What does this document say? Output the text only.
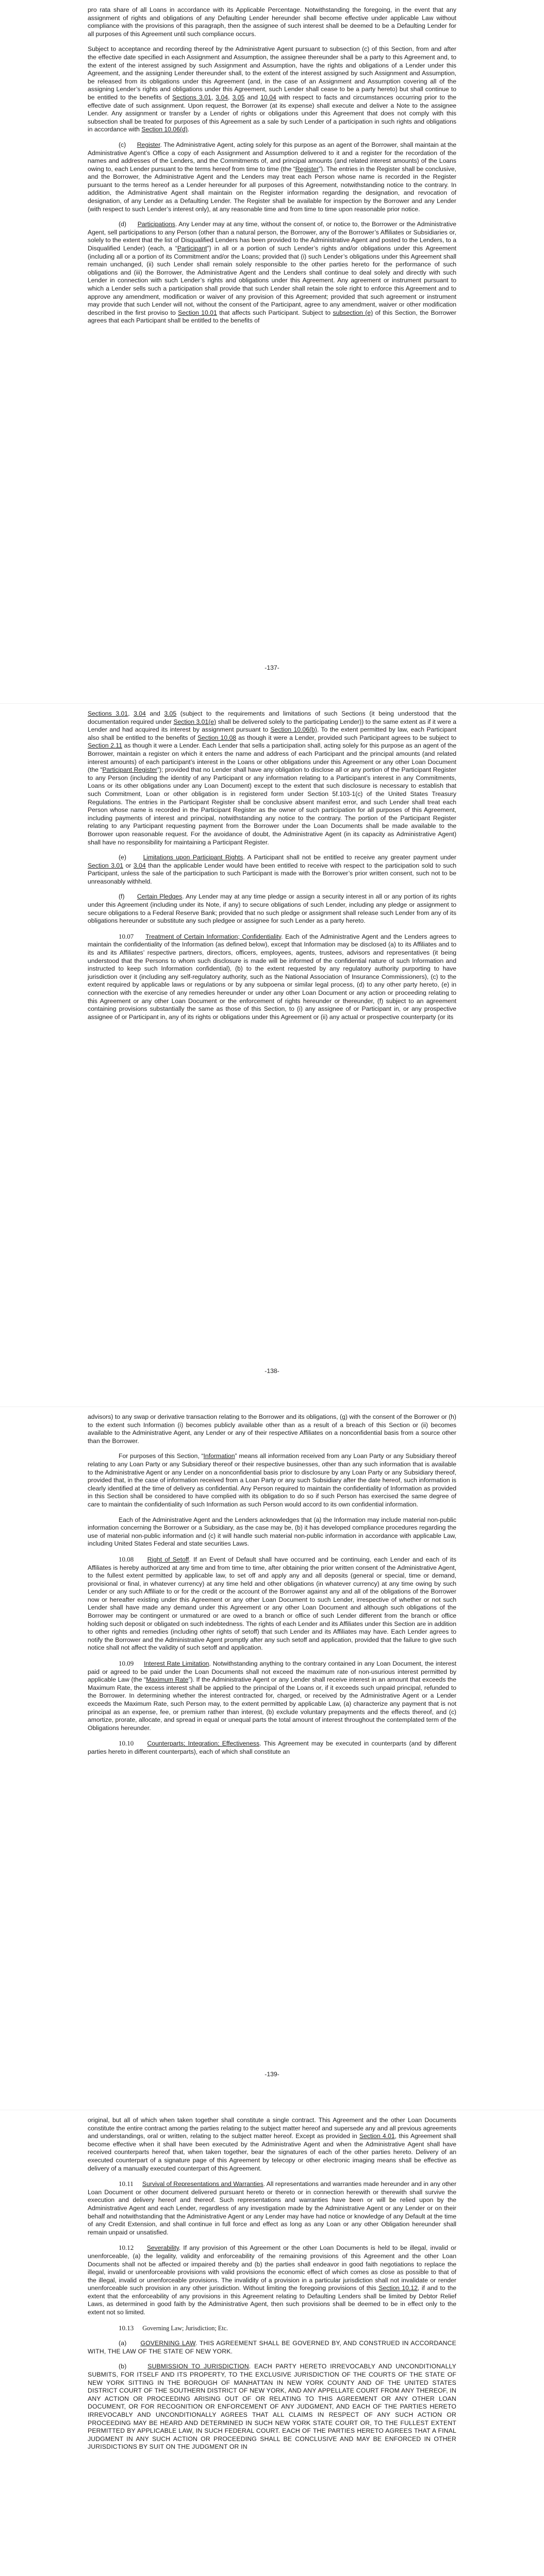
pro rata share of all Loans in accordance with its Applicable Percentage. Notwithstanding the foregoing, in the event that any assignment of rights and obligations of any Defaulting Lender hereunder shall become effective under applicable Law without compliance with the provisions of this paragraph, then the assignee of such interest shall be deemed to be a Defaulting Lender for all purposes of this Agreement until such compliance occurs.

Subject to acceptance and recording thereof by the Administrative Agent pursuant to subsection (c) of this Section, from and after the effective date specified in each Assignment and Assumption, the assignee thereunder shall be a party to this Agreement and, to the extent of the interest assigned by such Assignment and Assumption, have the rights and obligations of a Lender under this Agreement, and the assigning Lender thereunder shall, to the extent of the interest assigned by such Assignment and Assumption, be released from its obligations under this Agreement (and, in the case of an Assignment and Assumption covering all of the assigning Lender’s rights and obligations under this Agreement, such Lender shall cease to be a party hereto) but shall continue to be entitled to the benefits of Sections 3.01, 3.04, 3.05 and 10.04 with respect to facts and circumstances occurring prior to the effective date of such assignment. Upon request, the Borrower (at its expense) shall execute and deliver a Note to the assignee Lender. Any assignment or transfer by a Lender of rights or obligations under this Agreement that does not comply with this subsection shall be treated for purposes of this Agreement as a sale by such Lender of a participation in such rights and obligations in accordance with Section 10.06(d).

(c)      Register. The Administrative Agent, acting solely for this purpose as an agent of the Borrower, shall maintain at the Administrative Agent’s Office a copy of each Assignment and Assumption delivered to it and a register for the recordation of the names and addresses of the Lenders, and the Commitments of, and principal amounts (and related interest amounts) of the Loans owing to, each Lender pursuant to the terms hereof from time to time (the “Register”). The entries in the Register shall be conclusive, and the Borrower, the Administrative Agent and the Lenders may treat each Person whose name is recorded in the Register pursuant to the terms hereof as a Lender hereunder for all purposes of this Agreement, notwithstanding notice to the contrary. In addition, the Administrative Agent shall maintain on the Register information regarding the designation, and revocation of designation, of any Lender as a Defaulting Lender. The Register shall be available for inspection by the Borrower and any Lender (with respect to such Lender’s interest only), at any reasonable time and from time to time upon reasonable prior notice.

(d)      Participations. Any Lender may at any time, without the consent of, or notice to, the Borrower or the Administrative Agent, sell participations to any Person (other than a natural person, the Borrower, any of the Borrower’s Affiliates or Subsidiaries or, solely to the extent that the list of Disqualified Lenders has been provided to the Administrative Agent and posted to the Lenders, to a Disqualified Lender) (each, a “Participant”) in all or a portion of such Lender’s rights and/or obligations under this Agreement (including all or a portion of its Commitment and/or the Loans; provided that (i) such Lender’s obligations under this Agreement shall remain unchanged, (ii) such Lender shall remain solely responsible to the other parties hereto for the performance of such obligations and (iii) the Borrower, the Administrative Agent and the Lenders shall continue to deal solely and directly with such Lender in connection with such Lender’s rights and obligations under this Agreement. Any agreement or instrument pursuant to which a Lender sells such a participation shall provide that such Lender shall retain the sole right to enforce this Agreement and to approve any amendment, modification or waiver of any provision of this Agreement; provided that such agreement or instrument may provide that such Lender will not, without the consent of the Participant, agree to any amendment, waiver or other modification described in the first proviso to Section 10.01 that affects such Participant. Subject to subsection (e) of this Section, the Borrower agrees that each Participant shall be entitled to the benefits of

-137-

Sections 3.01, 3.04 and 3.05 (subject to the requirements and limitations of such Sections (it being understood that the documentation required under Section 3.01(e) shall be delivered solely to the participating Lender)) to the same extent as if it were a Lender and had acquired its interest by assignment pursuant to Section 10.06(b). To the extent permitted by law, each Participant also shall be entitled to the benefits of Section 10.08 as though it were a Lender, provided such Participant agrees to be subject to Section 2.11 as though it were a Lender. Each Lender that sells a participation shall, acting solely for this purpose as an agent of the Borrower, maintain a register on which it enters the name and address of each Participant and the principal amounts (and related interest amounts) of each participant’s interest in the Loans or other obligations under this Agreement or any other Loan Document (the “Participant Register”); provided that no Lender shall have any obligation to disclose all or any portion of the Participant Register to any Person (including the identity of any Participant or any information relating to a Participant’s interest in any Commitments, Loans or its other obligations under any Loan Document) except to the extent that such disclosure is necessary to establish that such Commitment, Loan or other obligation is in registered form under Section 5f.103-1(c) of the United States Treasury Regulations. The entries in the Participant Register shall be conclusive absent manifest error, and such Lender shall treat each Person whose name is recorded in the Participant Register as the owner of such participation for all purposes of this Agreement, including payments of interest and principal, notwithstanding any notice to the contrary. The portion of the Participant Register relating to any Participant requesting payment from the Borrower under the Loan Documents shall be made available to the Borrower upon reasonable request. For the avoidance of doubt, the Administrative Agent (in its capacity as Administrative Agent) shall have no responsibility for maintaining a Participant Register.

(e)      Limitations upon Participant Rights. A Participant shall not be entitled to receive any greater payment under Section 3.01 or 3.04 than the applicable Lender would have been entitled to receive with respect to the participation sold to such Participant, unless the sale of the participation to such Participant is made with the Borrower’s prior written consent, such not to be unreasonably withheld.

(f)      Certain Pledges. Any Lender may at any time pledge or assign a security interest in all or any portion of its rights under this Agreement (including under its Note, if any) to secure obligations of such Lender, including any pledge or assignment to secure obligations to a Federal Reserve Bank; provided that no such pledge or assignment shall release such Lender from any of its obligations hereunder or substitute any such pledgee or assignee for such Lender as a party hereto.

10.07 Treatment of Certain Information; Confidentiality. Each of the Administrative Agent and the Lenders agrees to maintain the confidentiality of the Information (as defined below), except that Information may be disclosed (a) to its Affiliates and to its and its Affiliates’ respective partners, directors, officers, employees, agents, trustees, advisors and representatives (it being understood that the Persons to whom such disclosure is made will be informed of the confidential nature of such Information and instructed to keep such Information confidential), (b) to the extent requested by any regulatory authority purporting to have jurisdiction over it (including any self-regulatory authority, such as the National Association of Insurance Commissioners), (c) to the extent required by applicable laws or regulations or by any subpoena or similar legal process, (d) to any other party hereto, (e) in connection with the exercise of any remedies hereunder or under any other Loan Document or any action or proceeding relating to this Agreement or any other Loan Document or the enforcement of rights hereunder or thereunder, (f) subject to an agreement containing provisions substantially the same as those of this Section, to (i) any assignee of or Participant in, or any prospective assignee of or Participant in, any of its rights or obligations under this Agreement or (ii) any actual or prospective counterparty (or its

-138-

advisors) to any swap or derivative transaction relating to the Borrower and its obligations, (g) with the consent of the Borrower or (h) to the extent such Information (i) becomes publicly available other than as a result of a breach of this Section or (ii) becomes available to the Administrative Agent, any Lender or any of their respective Affiliates on a nonconfidential basis from a source other than the Borrower.

For purposes of this Section, “Information” means all information received from any Loan Party or any Subsidiary thereof relating to any Loan Party or any Subsidiary thereof or their respective businesses, other than any such information that is available to the Administrative Agent or any Lender on a nonconfidential basis prior to disclosure by any Loan Party or any Subsidiary thereof, provided that, in the case of information received from a Loan Party or any such Subsidiary after the date hereof, such information is clearly identified at the time of delivery as confidential. Any Person required to maintain the confidentiality of Information as provided in this Section shall be considered to have complied with its obligation to do so if such Person has exercised the same degree of care to maintain the confidentiality of such Information as such Person would accord to its own confidential information.

Each of the Administrative Agent and the Lenders acknowledges that (a) the Information may include material non-public information concerning the Borrower or a Subsidiary, as the case may be, (b) it has developed compliance procedures regarding the use of material non-public information and (c) it will handle such material non-public information in accordance with applicable Law, including United States Federal and state securities Laws.

10.08 Right of Setoff. If an Event of Default shall have occurred and be continuing, each Lender and each of its Affiliates is hereby authorized at any time and from time to time, after obtaining the prior written consent of the Administrative Agent, to the fullest extent permitted by applicable law, to set off and apply any and all deposits (general or special, time or demand, provisional or final, in whatever currency) at any time held and other obligations (in whatever currency) at any time owing by such Lender or any such Affiliate to or for the credit or the account of the Borrower against any and all of the obligations of the Borrower now or hereafter existing under this Agreement or any other Loan Document to such Lender, irrespective of whether or not such Lender shall have made any demand under this Agreement or any other Loan Document and although such obligations of the Borrower may be contingent or unmatured or are owed to a branch or office of such Lender different from the branch or office holding such deposit or obligated on such indebtedness. The rights of each Lender and its Affiliates under this Section are in addition to other rights and remedies (including other rights of setoff) that such Lender and its Affiliates may have. Each Lender agrees to notify the Borrower and the Administrative Agent promptly after any such setoff and application, provided that the failure to give such notice shall not affect the validity of such setoff and application.

10.09 Interest Rate Limitation. Notwithstanding anything to the contrary contained in any Loan Document, the interest paid or agreed to be paid under the Loan Documents shall not exceed the maximum rate of non-usurious interest permitted by applicable Law (the “Maximum Rate”). If the Administrative Agent or any Lender shall receive interest in an amount that exceeds the Maximum Rate, the excess interest shall be applied to the principal of the Loans or, if it exceeds such unpaid principal, refunded to the Borrower. In determining whether the interest contracted for, charged, or received by the Administrative Agent or a Lender exceeds the Maximum Rate, such Person may, to the extent permitted by applicable Law, (a) characterize any payment that is not principal as an expense, fee, or premium rather than interest, (b) exclude voluntary prepayments and the effects thereof, and (c) amortize, prorate, allocate, and spread in equal or unequal parts the total amount of interest throughout the contemplated term of the Obligations hereunder.

10.10 Counterparts; Integration; Effectiveness. This Agreement may be executed in counterparts (and by different parties hereto in different counterparts), each of which shall constitute an

-139-

original, but all of which when taken together shall constitute a single contract. This Agreement and the other Loan Documents constitute the entire contract among the parties relating to the subject matter hereof and supersede any and all previous agreements and understandings, oral or written, relating to the subject matter hereof. Except as provided in Section 4.01, this Agreement shall become effective when it shall have been executed by the Administrative Agent and when the Administrative Agent shall have received counterparts hereof that, when taken together, bear the signatures of each of the other parties hereto. Delivery of an executed counterpart of a signature page of this Agreement by telecopy or other electronic imaging means shall be effective as delivery of a manually executed counterpart of this Agreement.

10.11 Survival of Representations and Warranties. All representations and warranties made hereunder and in any other Loan Document or other document delivered pursuant hereto or thereto or in connection herewith or therewith shall survive the execution and delivery hereof and thereof. Such representations and warranties have been or will be relied upon by the Administrative Agent and each Lender, regardless of any investigation made by the Administrative Agent or any Lender or on their behalf and notwithstanding that the Administrative Agent or any Lender may have had notice or knowledge of any Default at the time of any Credit Extension, and shall continue in full force and effect as long as any Loan or any other Obligation hereunder shall remain unpaid or unsatisfied.

10.12 Severability. If any provision of this Agreement or the other Loan Documents is held to be illegal, invalid or unenforceable, (a) the legality, validity and enforceability of the remaining provisions of this Agreement and the other Loan Documents shall not be affected or impaired thereby and (b) the parties shall endeavor in good faith negotiations to replace the illegal, invalid or unenforceable provisions with valid provisions the economic effect of which comes as close as possible to that of the illegal, invalid or unenforceable provisions. The invalidity of a provision in a particular jurisdiction shall not invalidate or render unenforceable such provision in any other jurisdiction. Without limiting the foregoing provisions of this Section 10.12, if and to the extent that the enforceability of any provisions in this Agreement relating to Defaulting Lenders shall be limited by Debtor Relief Laws, as determined in good faith by the Administrative Agent, then such provisions shall be deemed to be in effect only to the extent not so limited.

10.13 Governing Law; Jurisdiction; Etc.

(a)      GOVERNING LAW. THIS AGREEMENT SHALL BE GOVERNED BY, AND CONSTRUED IN ACCORDANCE WITH, THE LAW OF THE STATE OF NEW YORK.

(b)      SUBMISSION TO JURISDICTION. EACH PARTY HERETO IRREVOCABLY AND UNCONDITIONALLY SUBMITS, FOR ITSELF AND ITS PROPERTY, TO THE EXCLUSIVE JURISDICTION OF THE COURTS OF THE STATE OF NEW YORK SITTING IN THE BOROUGH OF MANHATTAN IN NEW YORK COUNTY AND OF THE UNITED STATES DISTRICT COURT OF THE SOUTHERN DISTRICT OF NEW YORK, AND ANY APPELLATE COURT FROM ANY THEREOF, IN ANY ACTION OR PROCEEDING ARISING OUT OF OR RELATING TO THIS AGREEMENT OR ANY OTHER LOAN DOCUMENT, OR FOR RECOGNITION OR ENFORCEMENT OF ANY JUDGMENT, AND EACH OF THE PARTIES HERETO IRREVOCABLY AND UNCONDITIONALLY AGREES THAT ALL CLAIMS IN RESPECT OF ANY SUCH ACTION OR PROCEEDING MAY BE HEARD AND DETERMINED IN SUCH NEW YORK STATE COURT OR, TO THE FULLEST EXTENT PERMITTED BY APPLICABLE LAW, IN SUCH FEDERAL COURT. EACH OF THE PARTIES HERETO AGREES THAT A FINAL JUDGMENT IN ANY SUCH ACTION OR PROCEEDING SHALL BE CONCLUSIVE AND MAY BE ENFORCED IN OTHER JURISDICTIONS BY SUIT ON THE JUDGMENT OR IN
